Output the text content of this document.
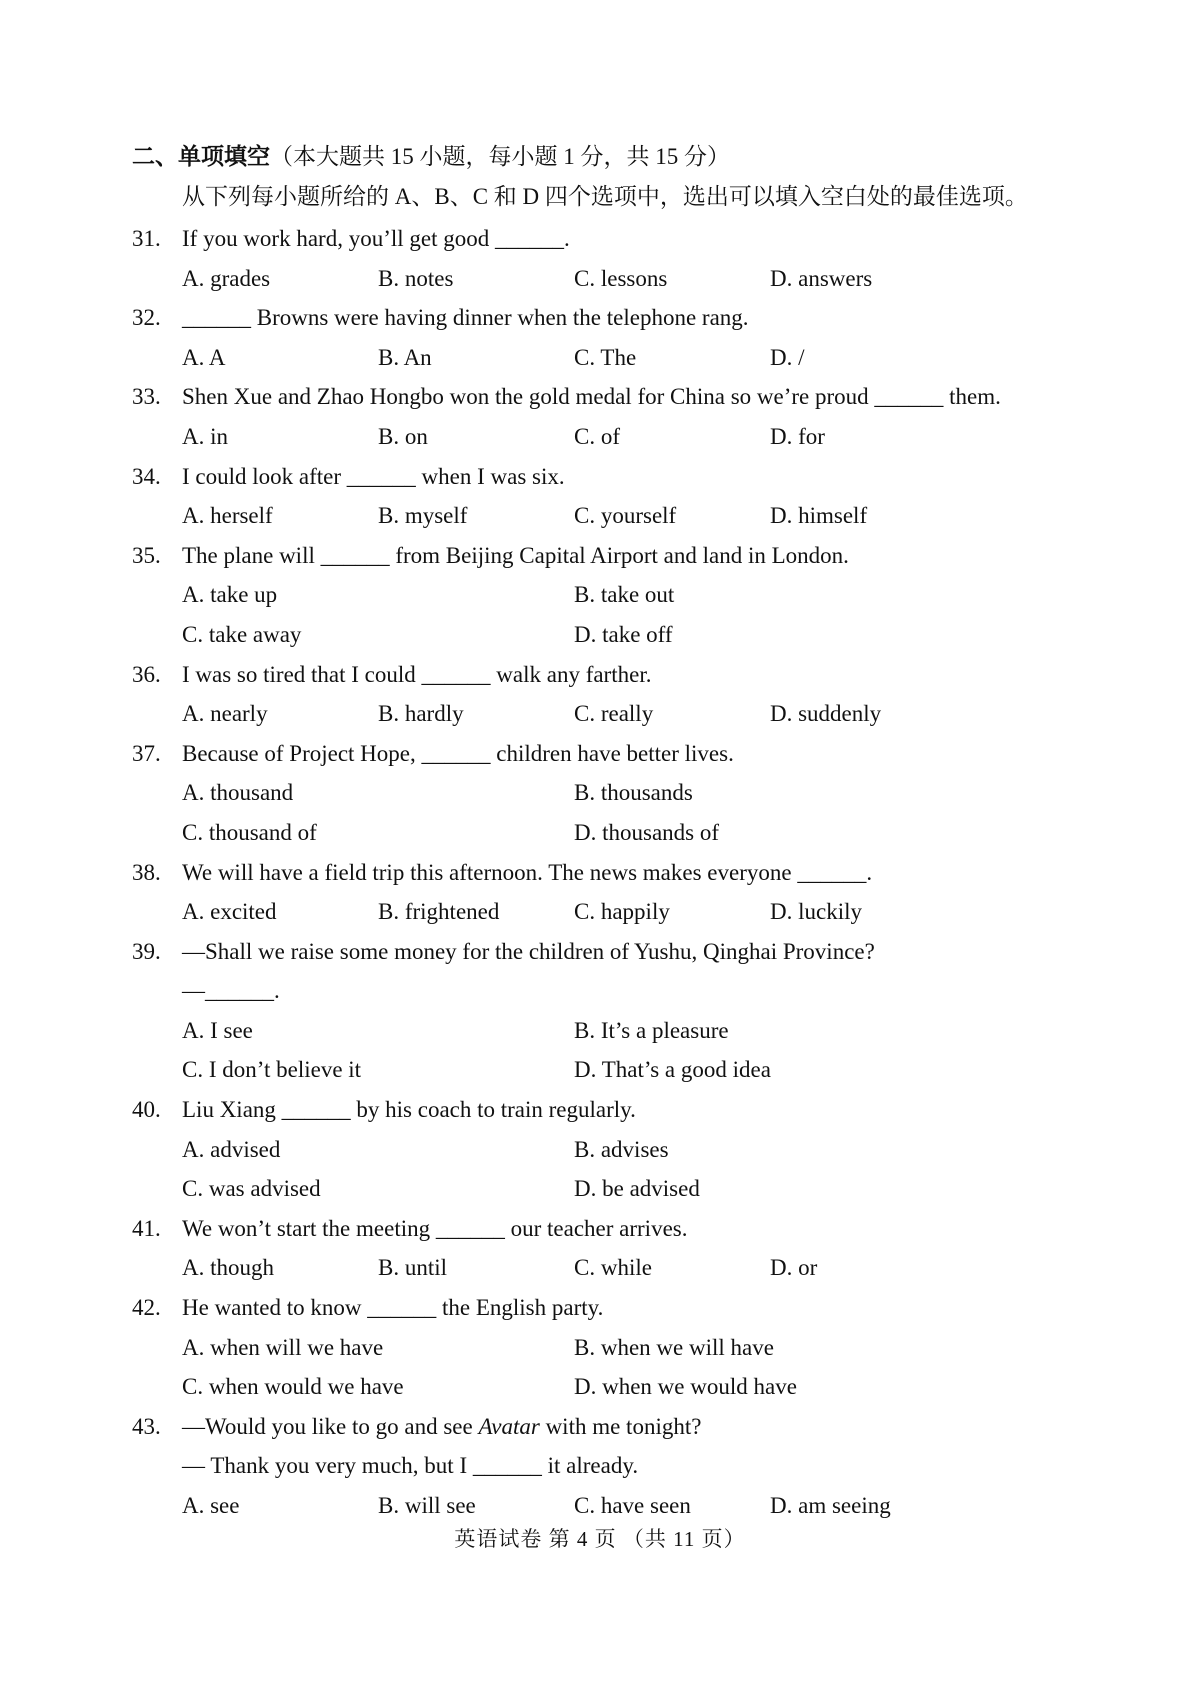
二、单项填空（本大题共 15 小题，每小题 1 分，共 15 分）
从下列每小题所给的 A、B、C 和 D 四个选项中，选出可以填入空白处的最佳选项。
31. If you work hard, you’ll get good ______.
A. grades	B. notes	C. lessons	D. answers
32. ______ Browns were having dinner when the telephone rang.
A. A	B. An	C. The	D. /
33. Shen Xue and Zhao Hongbo won the gold medal for China so we’re proud ______ them.
A. in	B. on	C. of	D. for
34. I could look after ______ when I was six.
A. herself	B. myself	C. yourself	D. himself
35. The plane will ______ from Beijing Capital Airport and land in London.
A. take up	B. take out
C. take away	D. take off
36. I was so tired that I could ______ walk any farther.
A. nearly	B. hardly	C. really	D. suddenly
37. Because of Project Hope, ______ children have better lives.
A. thousand	B. thousands
C. thousand of	D. thousands of
38. We will have a field trip this afternoon. The news makes everyone ______.
A. excited	B. frightened	C. happily	D. luckily
39. —Shall we raise some money for the children of Yushu, Qinghai Province?
—______.
A. I see	B. It’s a pleasure
C. I don’t believe it	D. That’s a good idea
40. Liu Xiang ______ by his coach to train regularly.
A. advised	B. advises
C. was advised	D. be advised
41. We won’t start the meeting ______ our teacher arrives.
A. though	B. until	C. while	D. or
42. He wanted to know ______ the English party.
A. when will we have	B. when we will have
C. when would we have	D. when we would have
43. —Would you like to go and see Avatar with me tonight?
— Thank you very much, but I ______ it already.
A. see	B. will see	C. have seen	D. am seeing
英语试卷 第 4 页 （共 11 页）
